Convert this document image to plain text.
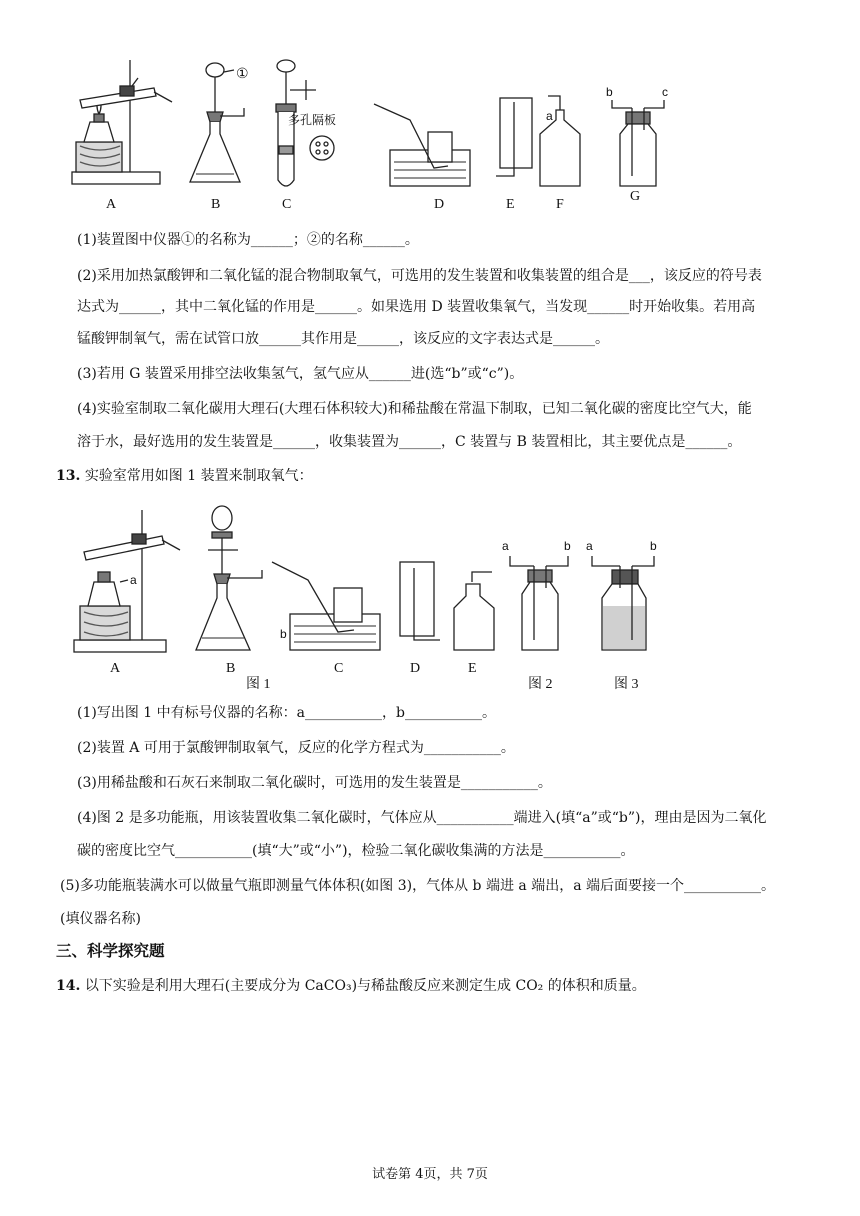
A	B	C	D	E	F
G
①
多孔隔板	a
b	c
(1)装置图中仪器①的名称为______；②的名称______。
(2)采用加热氯酸钾和二氧化锰的混合物制取氧气，可选用的发生装置和收集装置的组合是___，该反应的符号表
达式为______，其中二氧化锰的作用是______。如果选用 D 装置收集氧气，当发现______时开始收集。若用高
锰酸钾制氧气，需在试管口放______其作用是______，该反应的文字表达式是______。
(3)若用 G 装置采用排空法收集氢气，氢气应从______进(选“b”或“c”)。
(4)实验室制取二氧化碳用大理石(大理石体积较大)和稀盐酸在常温下制取，已知二氧化碳的密度比空气大，能
溶于水，最好选用的发生装置是______，收集装置为______，C 装置与 B 装置相比，其主要优点是______。
13. 实验室常用如图 1 装置来制取氧气：
A	B	C	D	E
图 1	图 2	图 3
a
b
a	b a	b
(1)写出图 1 中有标号仪器的名称：a___________，b___________。
(2)装置 A 可用于氯酸钾制取氧气，反应的化学方程式为___________。
(3)用稀盐酸和石灰石来制取二氧化碳时，可选用的发生装置是___________。
(4)图 2 是多功能瓶，用该装置收集二氧化碳时，气体应从___________端进入(填“a”或“b”)，理由是因为二氧化
碳的密度比空气___________(填“大”或“小”)，检验二氧化碳收集满的方法是___________。
(5)多功能瓶装满水可以做量气瓶即测量气体体积(如图 3)，气体从 b 端进 a 端出，a 端后面要接一个___________。
(填仪器名称)
三、科学探究题
14. 以下实验是利用大理石(主要成分为 CaCO₃)与稀盐酸反应来测定生成 CO₂ 的体积和质量。
试卷第 4页，共 7页
